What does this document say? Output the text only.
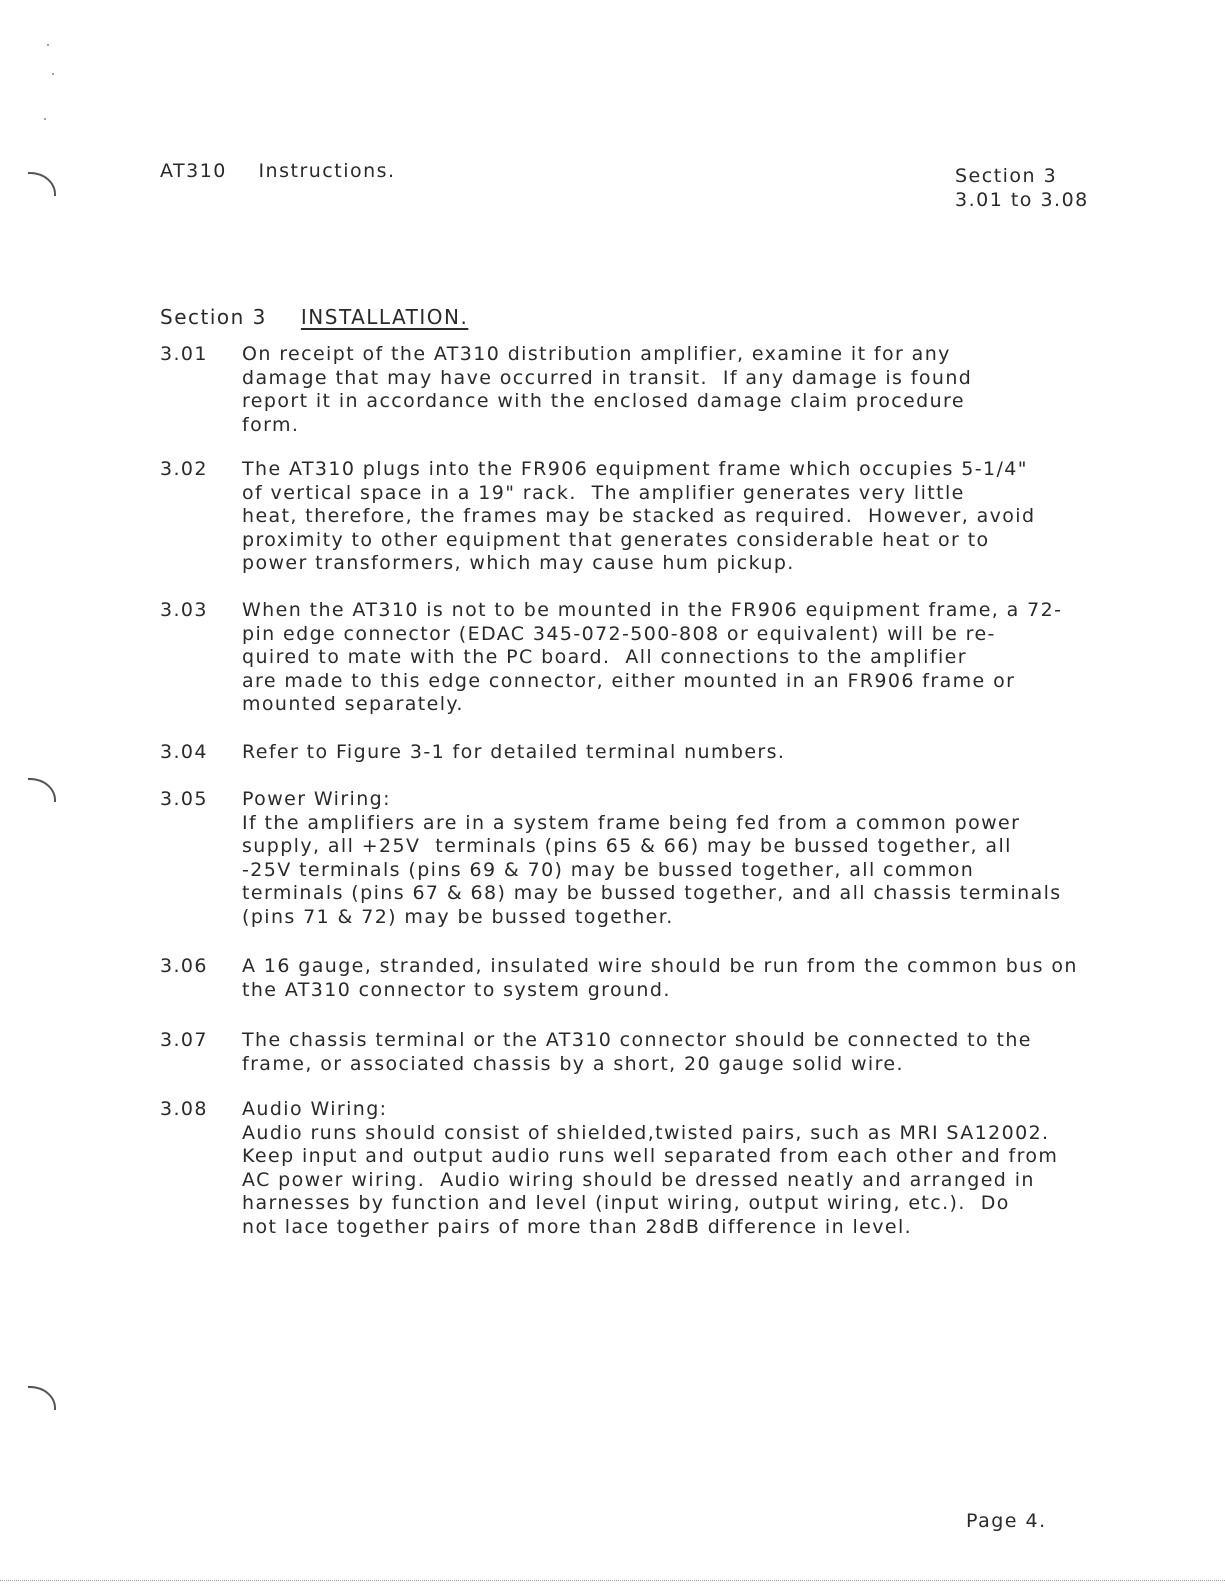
AT310 Instructions.	Section 3
3.01 to 3.08
Section 3 INSTALLATION.
3.01	On receipt of the AT310 distribution amplifier, examine it for any
damage that may have occurred in transit.  If any damage is found
report it in accordance with the enclosed damage claim procedure
form.
3.02	The AT310 plugs into the FR906 equipment frame which occupies 5-1/4"
of vertical space in a 19" rack.  The amplifier generates very little
heat, therefore, the frames may be stacked as required.  However, avoid
proximity to other equipment that generates considerable heat or to
power transformers, which may cause hum pickup.
3.03	When the AT310 is not to be mounted in the FR906 equipment frame, a 72-
pin edge connector (EDAC 345-072-500-808 or equivalent) will be re-
quired to mate with the PC board.  All connections to the amplifier
are made to this edge connector, either mounted in an FR906 frame or
mounted separately.
3.04	Refer to Figure 3-1 for detailed terminal numbers.
3.05	Power Wiring:
If the amplifiers are in a system frame being fed from a common power
supply, all +25V  terminals (pins 65 & 66) may be bussed together, all
-25V terminals (pins 69 & 70) may be bussed together, all common
terminals (pins 67 & 68) may be bussed together, and all chassis terminals
(pins 71 & 72) may be bussed together.
3.06	A 16 gauge, stranded, insulated wire should be run from the common bus on
the AT310 connector to system ground.
3.07	The chassis terminal or the AT310 connector should be connected to the
frame, or associated chassis by a short, 20 gauge solid wire.
3.08	Audio Wiring:
Audio runs should consist of shielded,twisted pairs, such as MRI SA12002.
Keep input and output audio runs well separated from each other and from
AC power wiring.  Audio wiring should be dressed neatly and arranged in
harnesses by function and level (input wiring, output wiring, etc.).  Do
not lace together pairs of more than 28dB difference in level.
Page 4.
